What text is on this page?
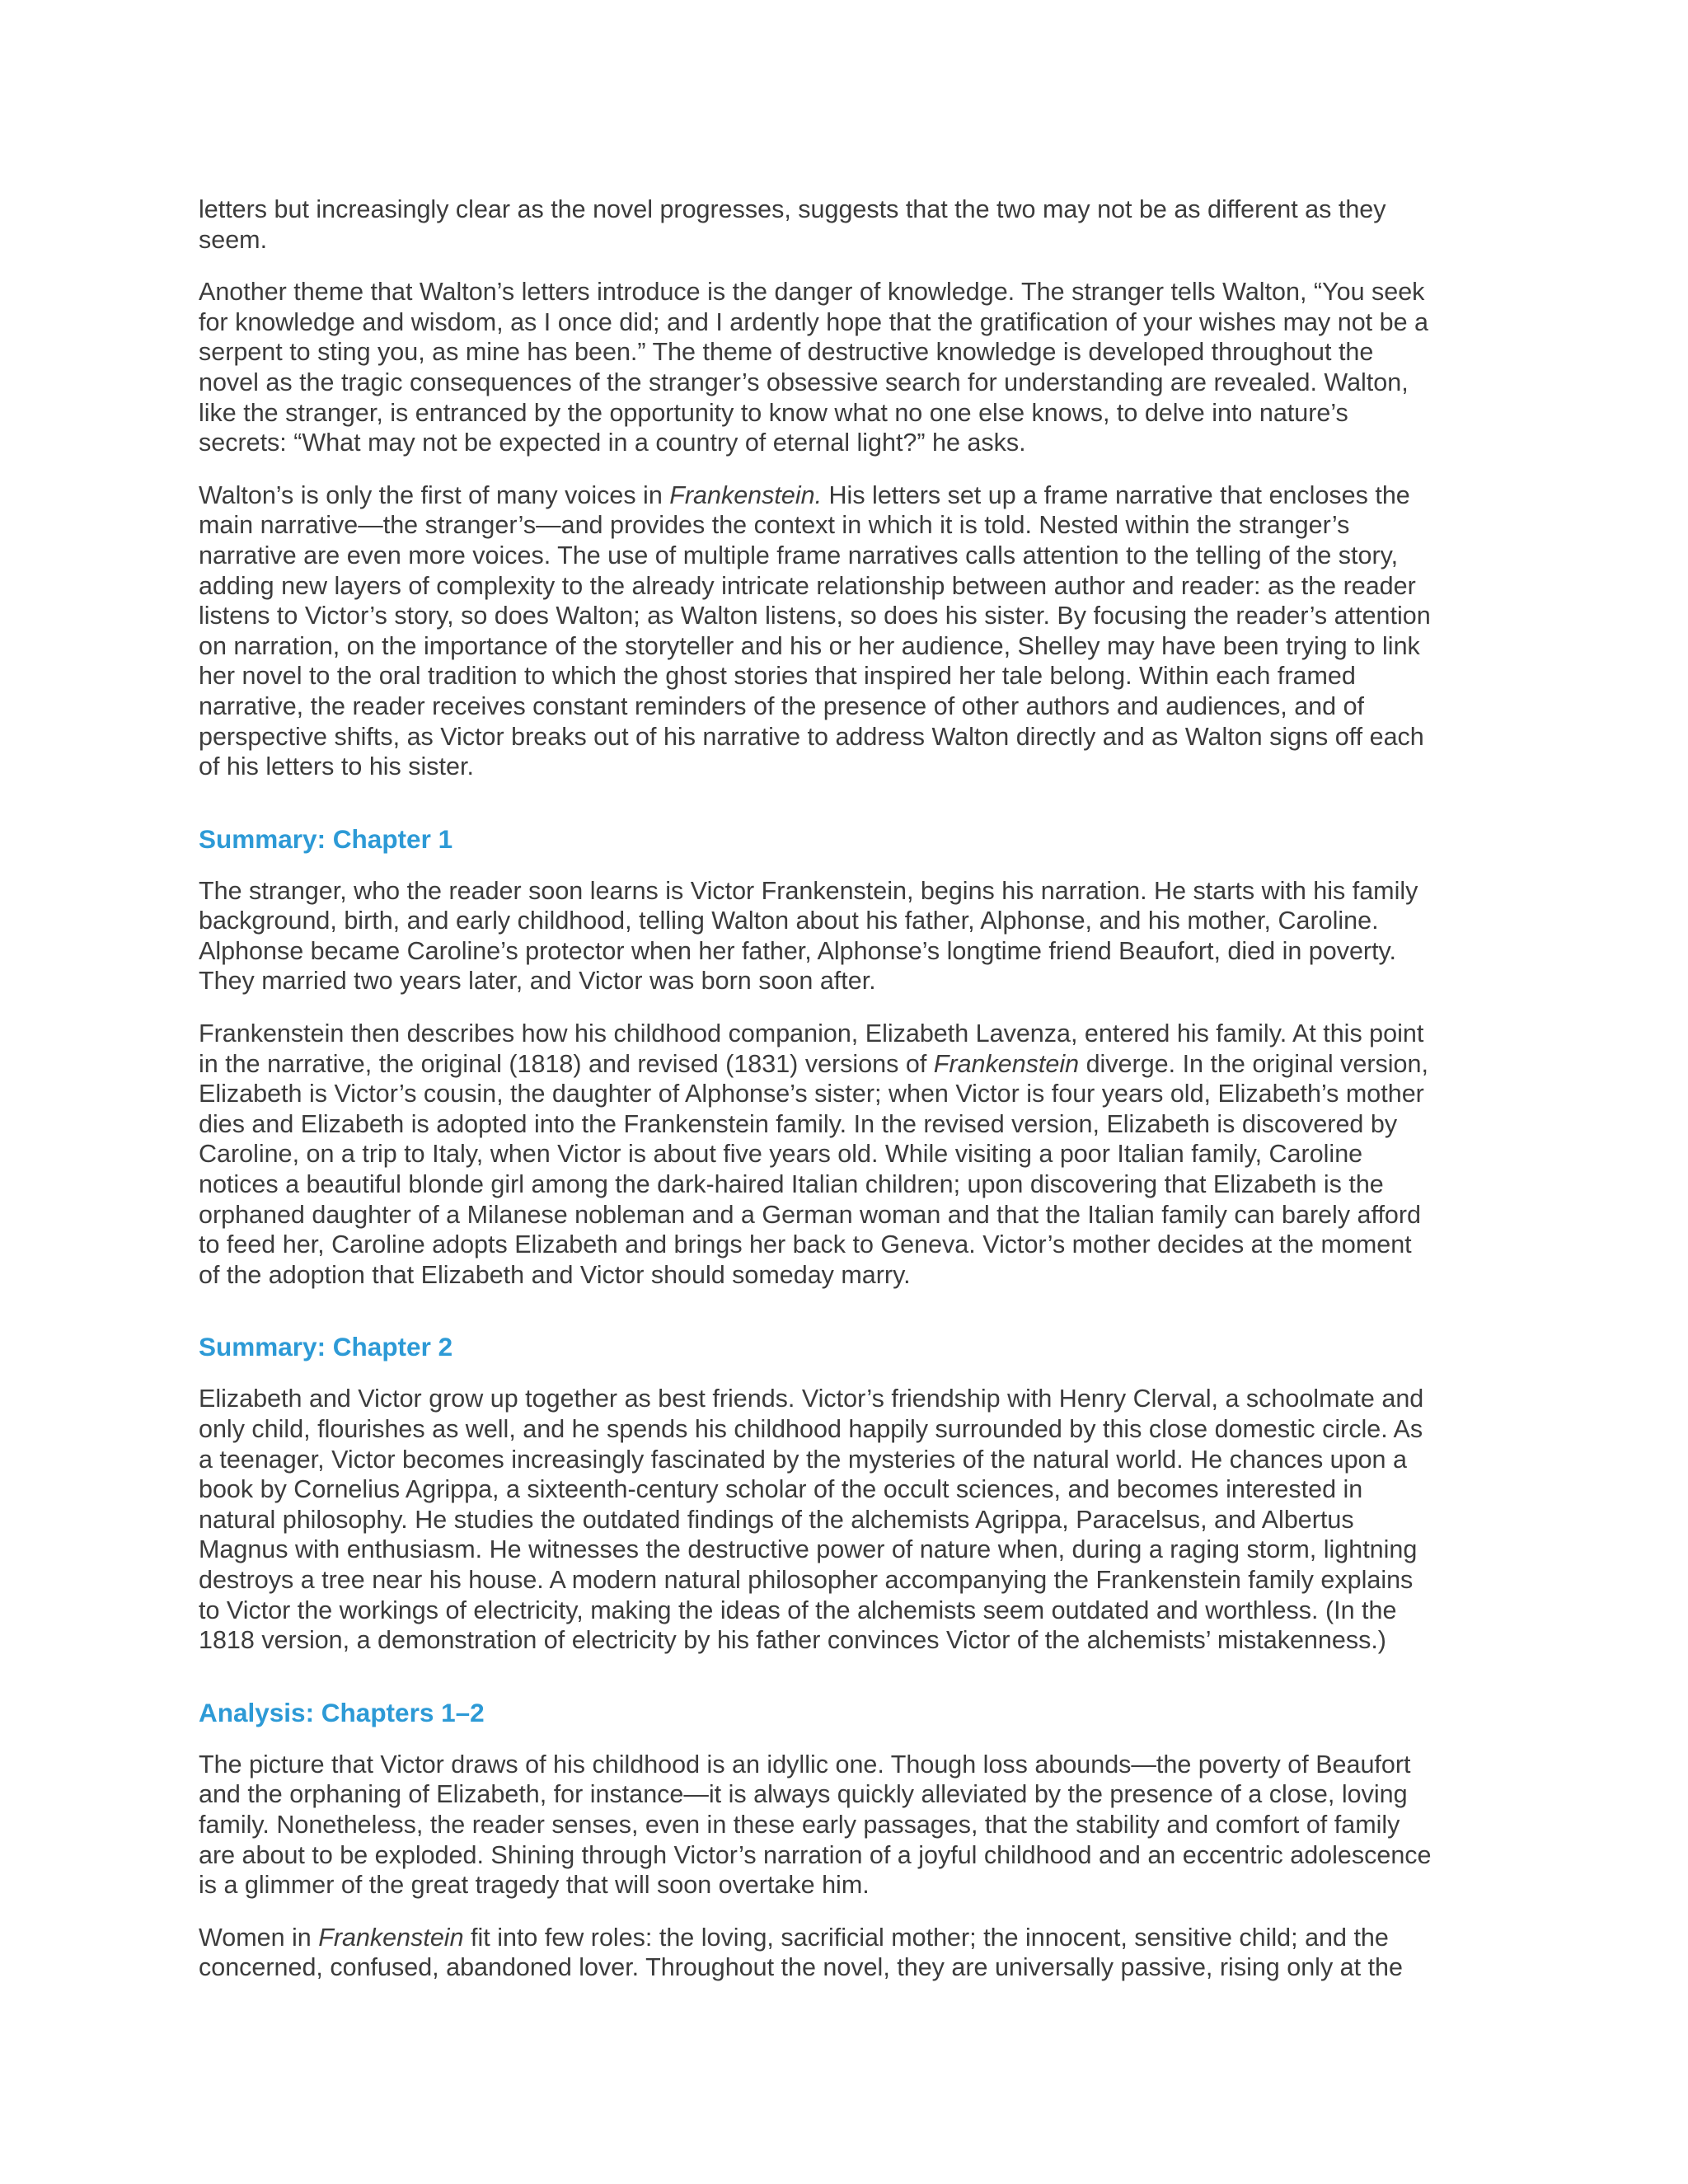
letters but increasingly clear as the novel progresses, suggests that the two may not be as different as they
seem.

Another theme that Walton’s letters introduce is the danger of knowledge. The stranger tells Walton, “You seek
for knowledge and wisdom, as I once did; and I ardently hope that the gratification of your wishes may not be a
serpent to sting you, as mine has been.” The theme of destructive knowledge is developed throughout the
novel as the tragic consequences of the stranger’s obsessive search for understanding are revealed. Walton,
like the stranger, is entranced by the opportunity to know what no one else knows, to delve into nature’s
secrets: “What may not be expected in a country of eternal light?” he asks.

Walton’s is only the first of many voices in Frankenstein. His letters set up a frame narrative that encloses the
main narrative—the stranger’s—and provides the context in which it is told. Nested within the stranger’s
narrative are even more voices. The use of multiple frame narratives calls attention to the telling of the story,
adding new layers of complexity to the already intricate relationship between author and reader: as the reader
listens to Victor’s story, so does Walton; as Walton listens, so does his sister. By focusing the reader’s attention
on narration, on the importance of the storyteller and his or her audience, Shelley may have been trying to link
her novel to the oral tradition to which the ghost stories that inspired her tale belong. Within each framed
narrative, the reader receives constant reminders of the presence of other authors and audiences, and of
perspective shifts, as Victor breaks out of his narrative to address Walton directly and as Walton signs off each
of his letters to his sister.

Summary: Chapter 1

The stranger, who the reader soon learns is Victor Frankenstein, begins his narration. He starts with his family
background, birth, and early childhood, telling Walton about his father, Alphonse, and his mother, Caroline.
Alphonse became Caroline’s protector when her father, Alphonse’s longtime friend Beaufort, died in poverty.
They married two years later, and Victor was born soon after.

Frankenstein then describes how his childhood companion, Elizabeth Lavenza, entered his family. At this point
in the narrative, the original (1818) and revised (1831) versions of Frankenstein diverge. In the original version,
Elizabeth is Victor’s cousin, the daughter of Alphonse’s sister; when Victor is four years old, Elizabeth’s mother
dies and Elizabeth is adopted into the Frankenstein family. In the revised version, Elizabeth is discovered by
Caroline, on a trip to Italy, when Victor is about five years old. While visiting a poor Italian family, Caroline
notices a beautiful blonde girl among the dark-haired Italian children; upon discovering that Elizabeth is the
orphaned daughter of a Milanese nobleman and a German woman and that the Italian family can barely afford
to feed her, Caroline adopts Elizabeth and brings her back to Geneva. Victor’s mother decides at the moment
of the adoption that Elizabeth and Victor should someday marry.

Summary: Chapter 2

Elizabeth and Victor grow up together as best friends. Victor’s friendship with Henry Clerval, a schoolmate and
only child, flourishes as well, and he spends his childhood happily surrounded by this close domestic circle. As
a teenager, Victor becomes increasingly fascinated by the mysteries of the natural world. He chances upon a
book by Cornelius Agrippa, a sixteenth-century scholar of the occult sciences, and becomes interested in
natural philosophy. He studies the outdated findings of the alchemists Agrippa, Paracelsus, and Albertus
Magnus with enthusiasm. He witnesses the destructive power of nature when, during a raging storm, lightning
destroys a tree near his house. A modern natural philosopher accompanying the Frankenstein family explains
to Victor the workings of electricity, making the ideas of the alchemists seem outdated and worthless. (In the
1818 version, a demonstration of electricity by his father convinces Victor of the alchemists’ mistakenness.)

Analysis: Chapters 1–2

The picture that Victor draws of his childhood is an idyllic one. Though loss abounds—the poverty of Beaufort
and the orphaning of Elizabeth, for instance—it is always quickly alleviated by the presence of a close, loving
family. Nonetheless, the reader senses, even in these early passages, that the stability and comfort of family
are about to be exploded. Shining through Victor’s narration of a joyful childhood and an eccentric adolescence
is a glimmer of the great tragedy that will soon overtake him.

Women in Frankenstein fit into few roles: the loving, sacrificial mother; the innocent, sensitive child; and the
concerned, confused, abandoned lover. Throughout the novel, they are universally passive, rising only at the
